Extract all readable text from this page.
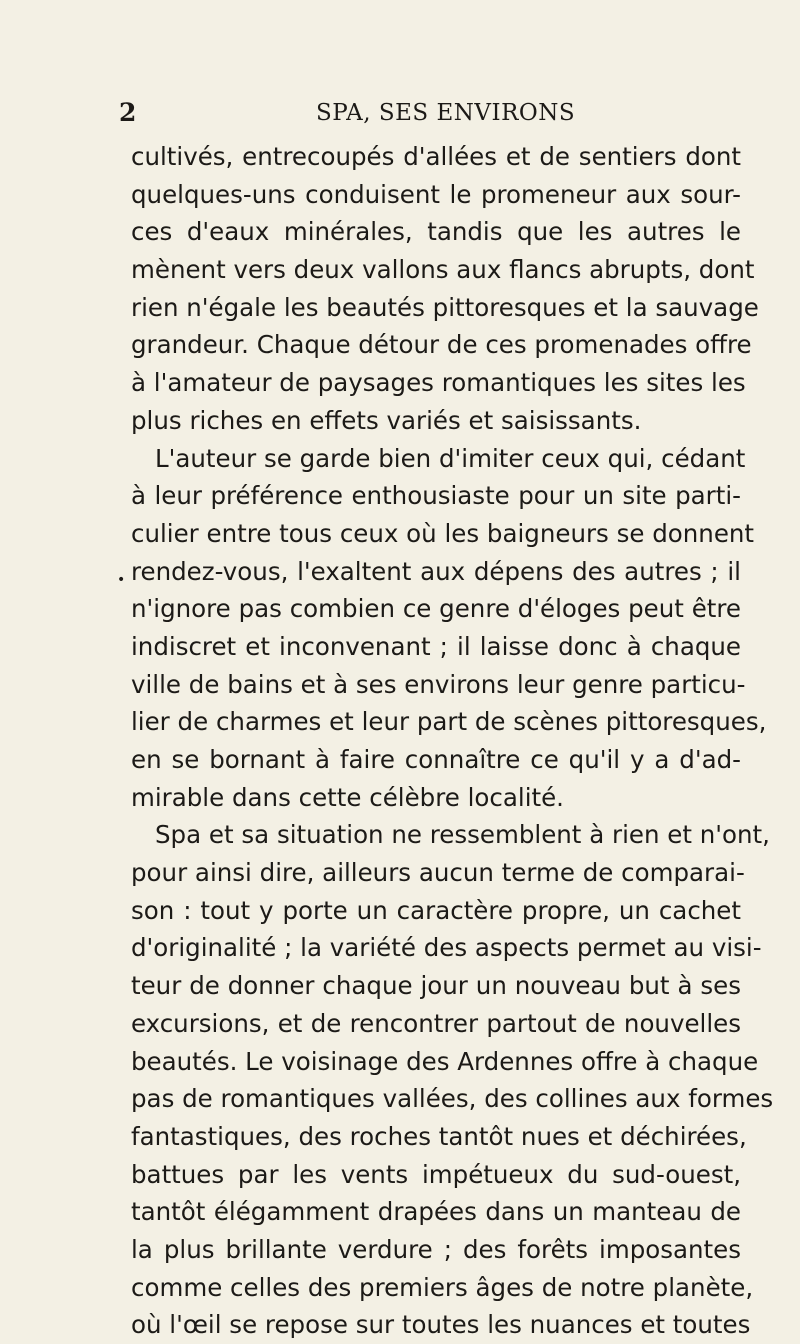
2	SPA, SES ENVIRONS
•
cultivés, entrecoupés d'allées et de sentiers dont
quelques-uns conduisent le promeneur aux sour-
ces d'eaux minérales, tandis que les autres le
mènent vers deux vallons aux flancs abrupts, dont
rien n'égale les beautés pittoresques et la sauvage
grandeur. Chaque détour de ces promenades offre
à l'amateur de paysages romantiques les sites les
plus riches en effets variés et saisissants.
L'auteur se garde bien d'imiter ceux qui, cédant
à leur préférence enthousiaste pour un site parti-
culier entre tous ceux où les baigneurs se donnent
rendez-vous, l'exaltent aux dépens des autres ; il
n'ignore pas combien ce genre d'éloges peut être
indiscret et inconvenant ; il laisse donc à chaque
ville de bains et à ses environs leur genre particu-
lier de charmes et leur part de scènes pittoresques,
en se bornant à faire connaître ce qu'il y a d'ad-
mirable dans cette célèbre localité.
Spa et sa situation ne ressemblent à rien et n'ont,
pour ainsi dire, ailleurs aucun terme de comparai-
son : tout y porte un caractère propre, un cachet
d'originalité ; la variété des aspects permet au visi-
teur de donner chaque jour un nouveau but à ses
excursions, et de rencontrer partout de nouvelles
beautés. Le voisinage des Ardennes offre à chaque
pas de romantiques vallées, des collines aux formes
fantastiques, des roches tantôt nues et déchirées,
battues par les vents impétueux du sud-ouest,
tantôt élégamment drapées dans un manteau de
la plus brillante verdure ; des forêts imposantes
comme celles des premiers âges de notre planète,
où l'œil se repose sur toutes les nuances et toutes
